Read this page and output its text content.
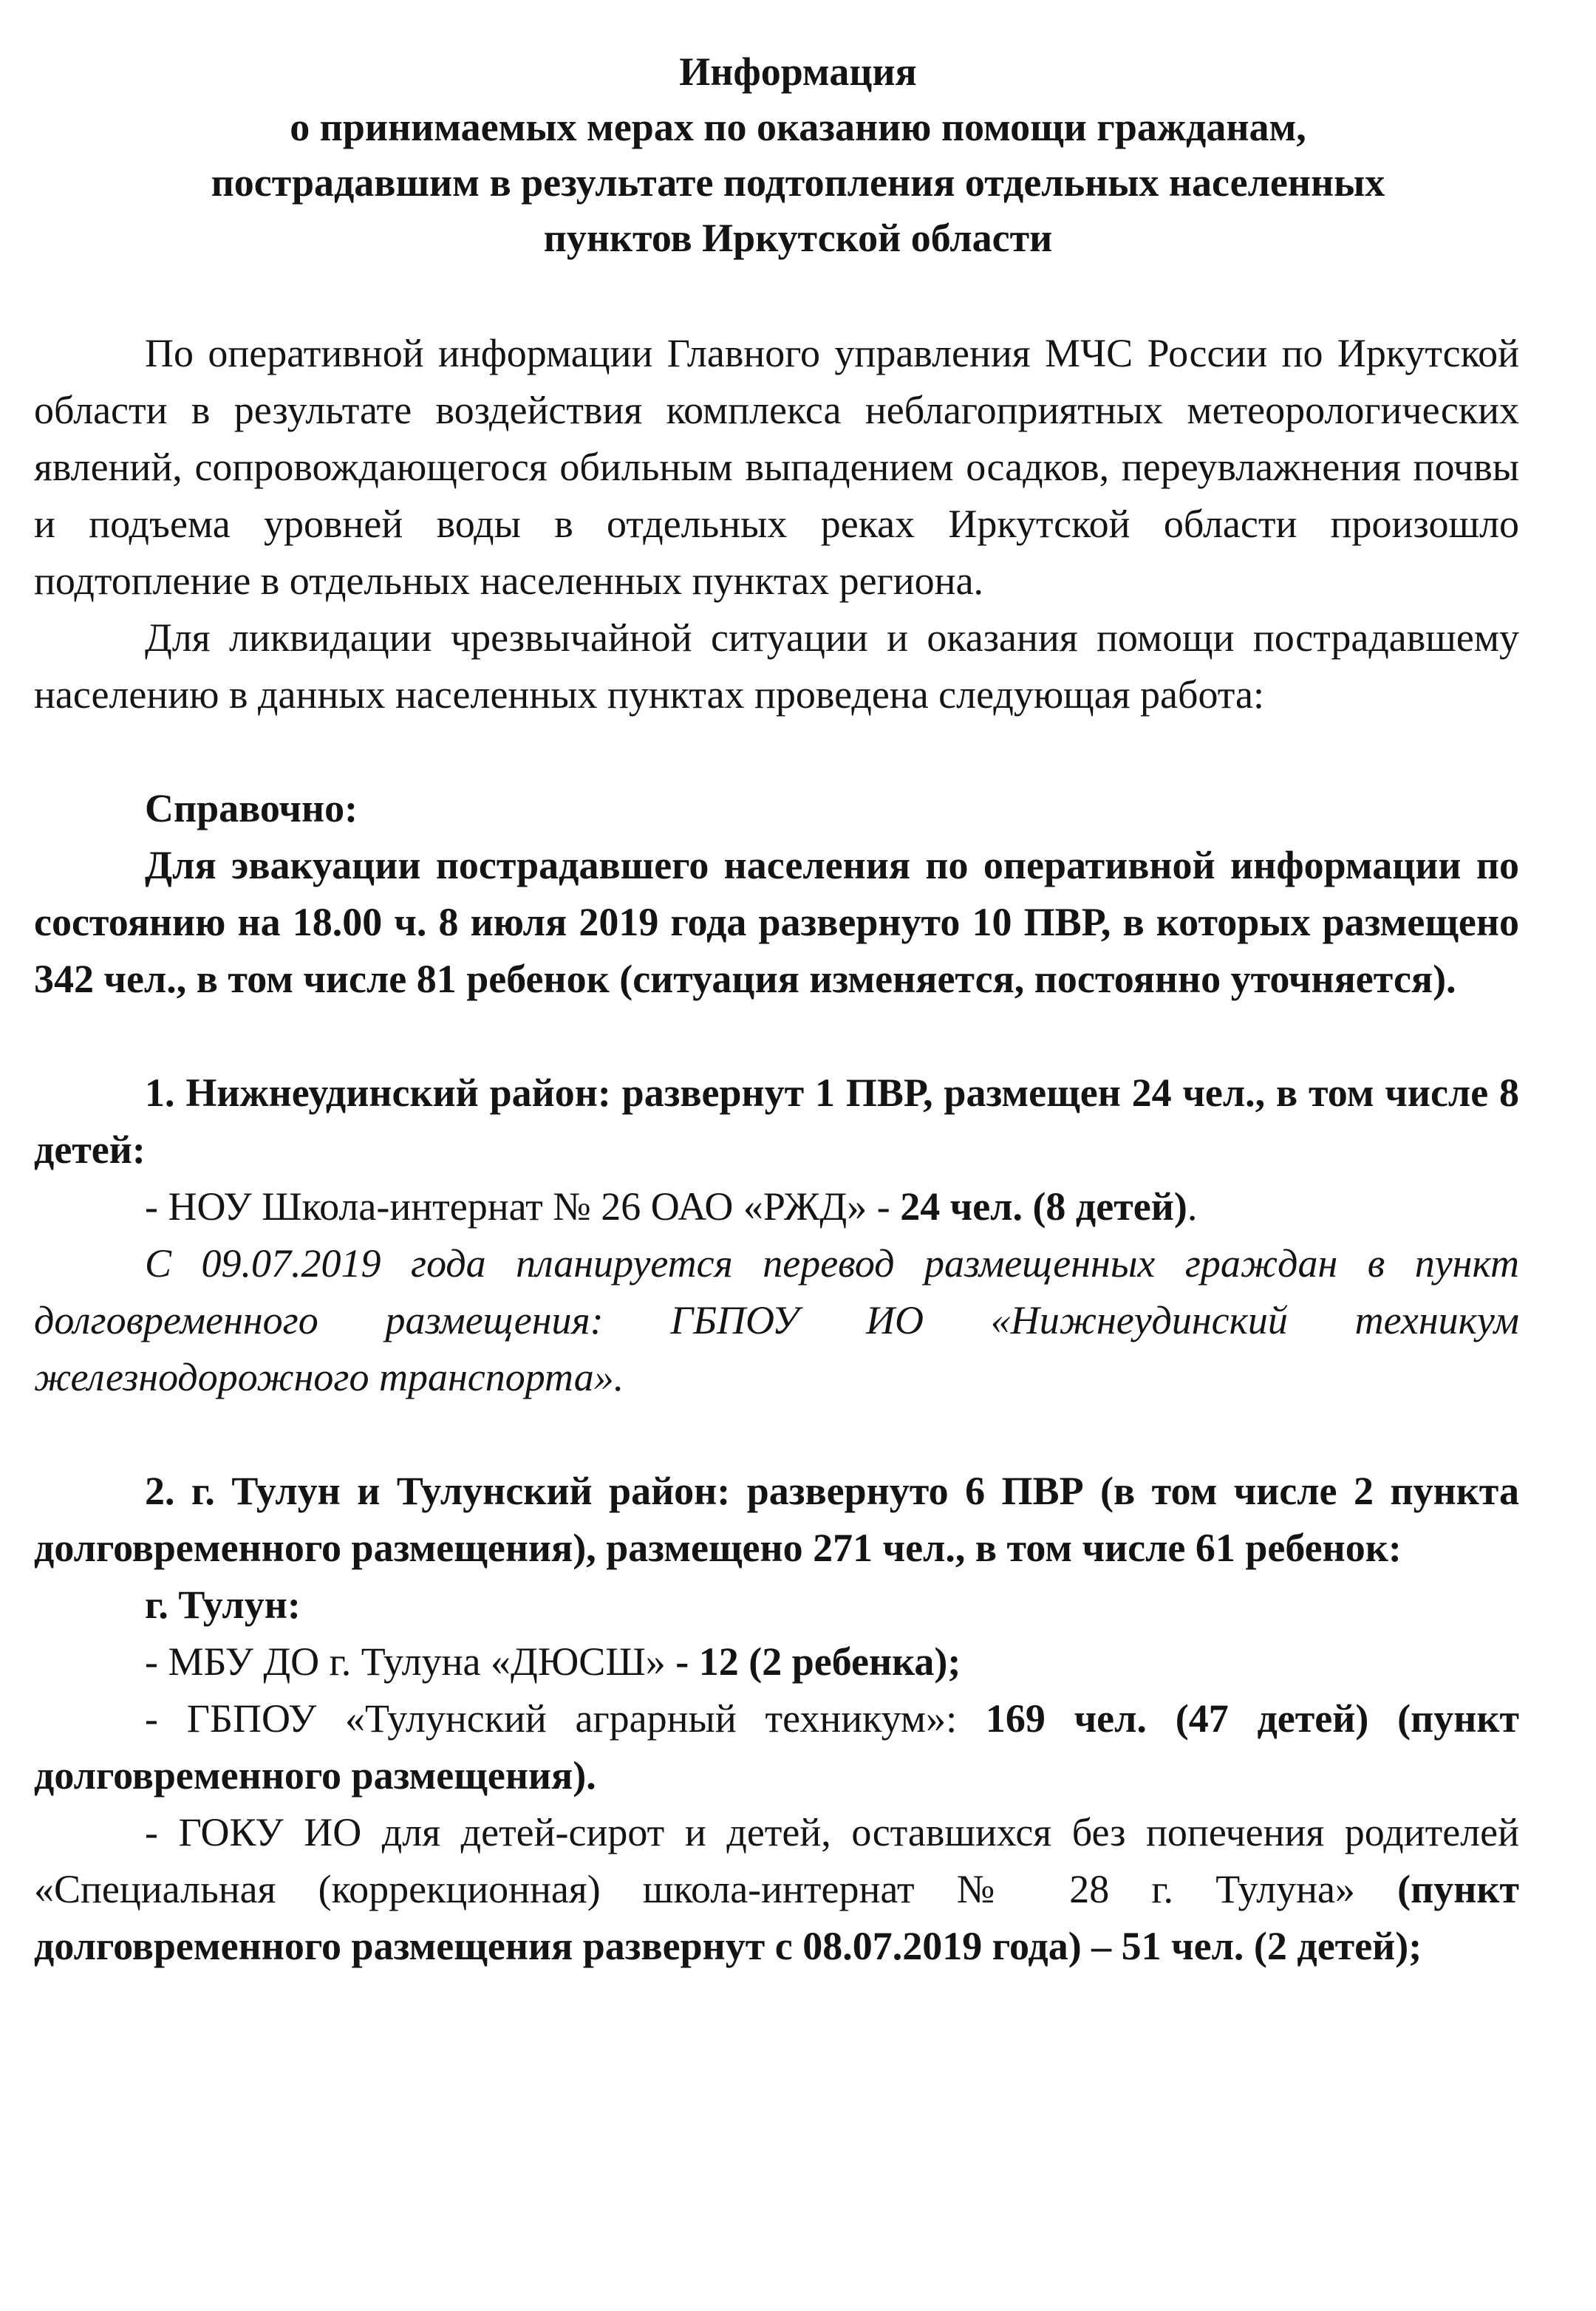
Информация
о принимаемых мерах по оказанию помощи гражданам,
пострадавшим в результате подтопления отдельных населенных
пунктов Иркутской области

По оперативной информации Главного управления МЧС России по Иркутской области в результате воздействия комплекса неблагоприятных метеорологических явлений, сопровождающегося обильным выпадением осадков, переувлажнения почвы и подъема уровней воды в отдельных реках Иркутской области произошло подтопление в отдельных населенных пунктах региона.

Для ликвидации чрезвычайной ситуации и оказания помощи пострадавшему населению в данных населенных пунктах проведена следующая работа:

Справочно:

Для эвакуации пострадавшего населения по оперативной информации по состоянию на 18.00 ч. 8 июля 2019 года развернуто 10 ПВР, в которых размещено 342 чел., в том числе 81 ребенок (ситуация изменяется, постоянно уточняется).

1. Нижнеудинский район: развернут 1 ПВР, размещен 24 чел., в том числе 8 детей:

- НОУ Школа-интернат № 26 ОАО «РЖД» - 24 чел. (8 детей).

С 09.07.2019 года планируется перевод размещенных граждан в пункт долговременного размещения: ГБПОУ ИО «Нижнеудинский техникум железнодорожного транспорта».

2. г. Тулун и Тулунский район: развернуто 6 ПВР (в том числе 2 пункта долговременного размещения), размещено 271 чел., в том числе 61 ребенок:

г. Тулун:

- МБУ ДО г. Тулуна «ДЮСШ» - 12 (2 ребенка);

- ГБПОУ «Тулунский аграрный техникум»: 169 чел. (47 детей) (пункт долговременного размещения).

- ГОКУ ИО для детей-сирот и детей, оставшихся без попечения родителей «Специальная (коррекционная) школа-интернат № 28 г. Тулуна» (пункт долговременного размещения развернут с 08.07.2019 года) – 51 чел. (2 детей);
